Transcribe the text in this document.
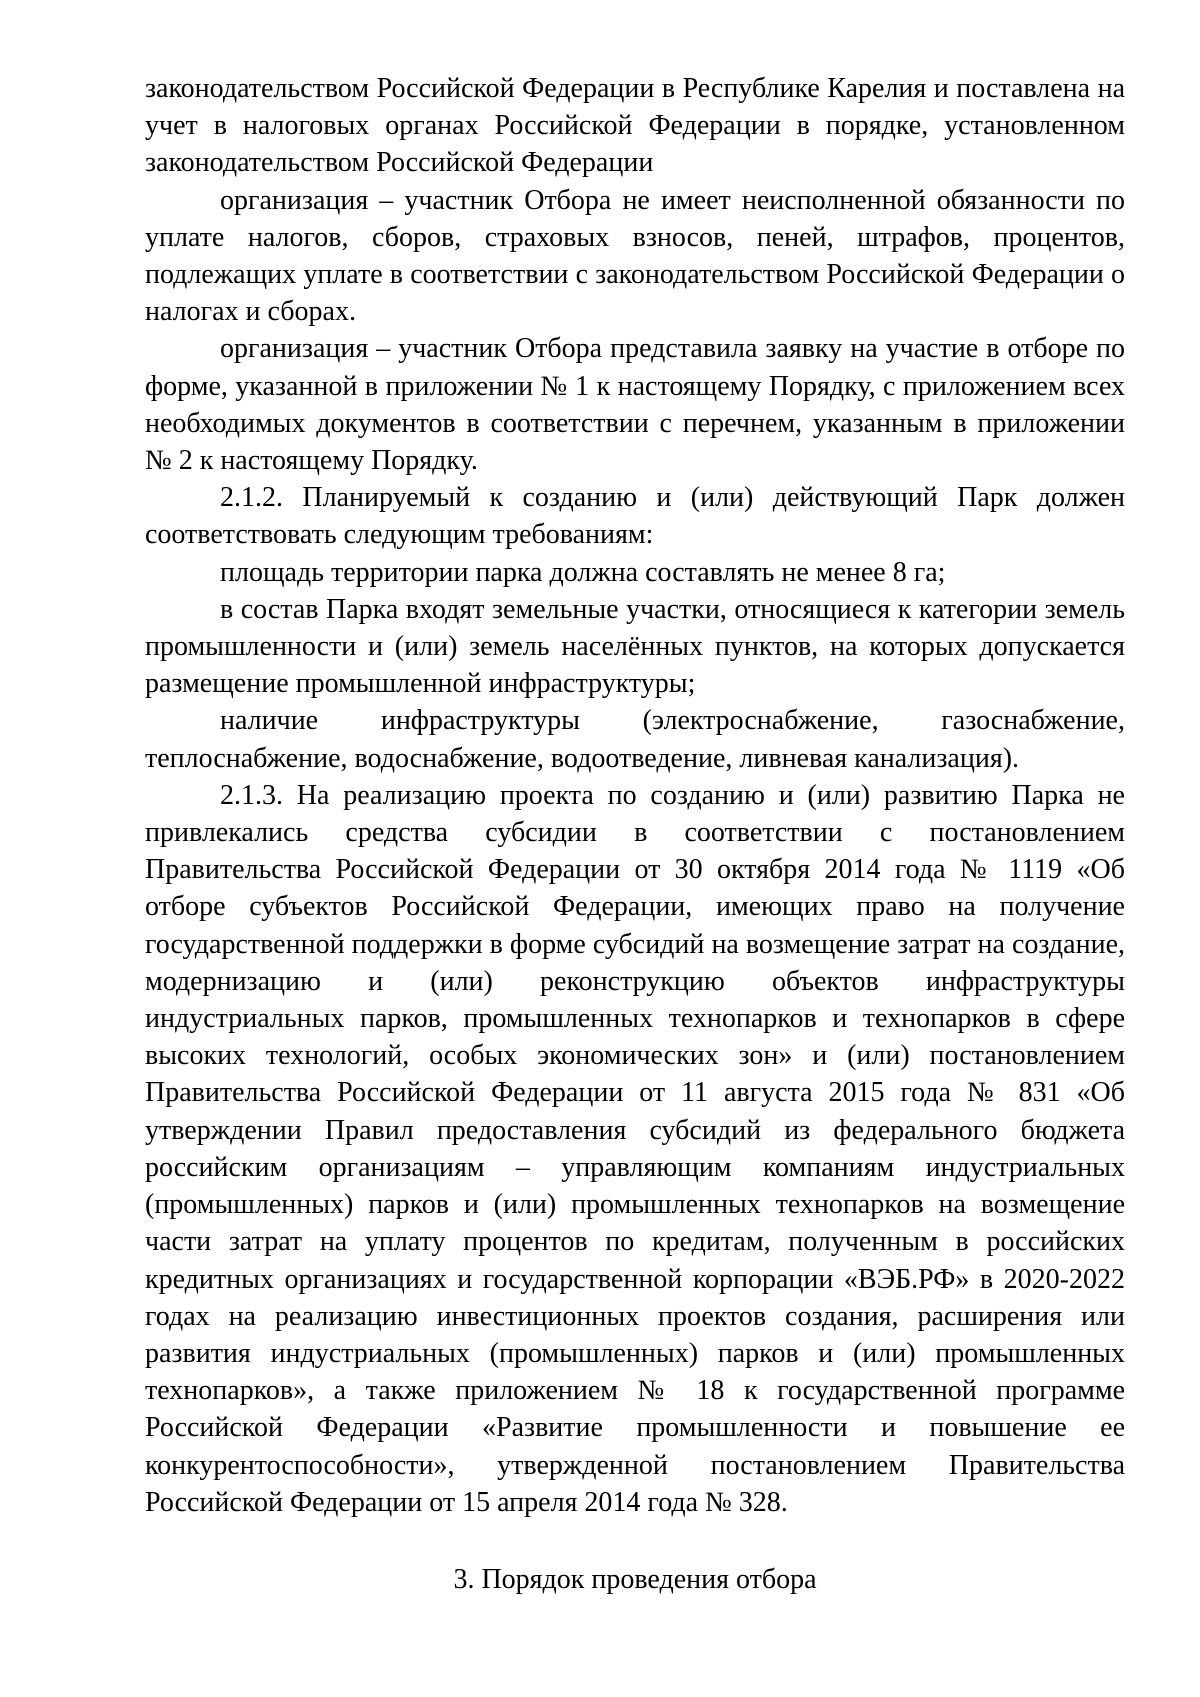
законодательством Российской Федерации в Республике Карелия и поставлена на учет в налоговых органах Российской Федерации в порядке, установленном законодательством Российской Федерации

организация – участник Отбора не имеет неисполненной обязанности по уплате налогов, сборов, страховых взносов, пеней, штрафов, процентов, подлежащих уплате в соответствии с законодательством Российской Федерации о налогах и сборах.

организация – участник Отбора представила заявку на участие в отборе по форме, указанной в приложении № 1 к настоящему Порядку, с приложением всех необходимых документов в соответствии с перечнем, указанным в приложении № 2 к настоящему Порядку.

2.1.2. Планируемый к созданию и (или) действующий Парк должен соответствовать следующим требованиям:

площадь территории парка должна составлять не менее 8 га;

в состав Парка входят земельные участки, относящиеся к категории земель промышленности и (или) земель населённых пунктов, на которых допускается размещение промышленной инфраструктуры;

наличие инфраструктуры (электроснабжение, газоснабжение, теплоснабжение, водоснабжение, водоотведение, ливневая канализация).

2.1.3. На реализацию проекта по созданию и (или) развитию Парка не привлекались средства субсидии в соответствии с постановлением Правительства Российской Федерации от 30 октября 2014 года № 1119 «Об отборе субъектов Российской Федерации, имеющих право на получение государственной поддержки в форме субсидий на возмещение затрат на создание, модернизацию и (или) реконструкцию объектов инфраструктуры индустриальных парков, промышленных технопарков и технопарков в сфере высоких технологий, особых экономических зон» и (или) постановлением Правительства Российской Федерации от 11 августа 2015 года № 831 «Об утверждении Правил предоставления субсидий из федерального бюджета российским организациям – управляющим компаниям индустриальных (промышленных) парков и (или) промышленных технопарков на возмещение части затрат на уплату процентов по кредитам, полученным в российских кредитных организациях и государственной корпорации «ВЭБ.РФ» в 2020-2022 годах на реализацию инвестиционных проектов создания, расширения или развития индустриальных (промышленных) парков и (или) промышленных технопарков», а также приложением № 18 к государственной программе Российской Федерации «Развитие промышленности и повышение ее конкурентоспособности», утвержденной постановлением Правительства Российской Федерации от 15 апреля 2014 года № 328.

3. Порядок проведения отбора
